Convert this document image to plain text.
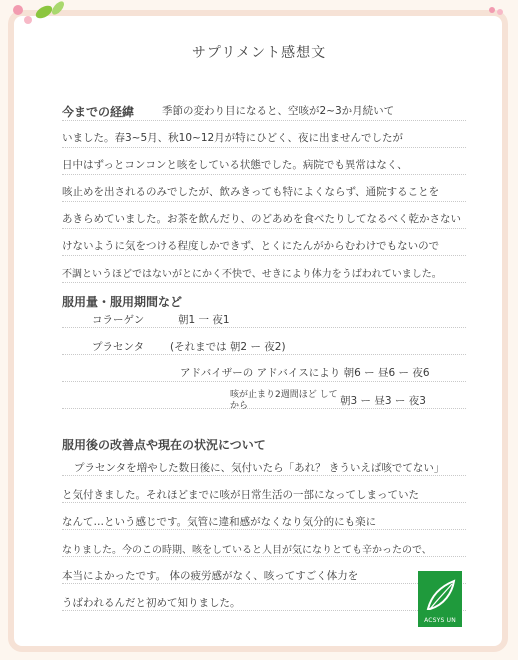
サプリメント感想文
今までの経緯	季節の変わり目になると、空咳が2~3か月続いて
いました。春3~5月、秋10~12月が特にひどく、夜に出ませんでしたが
日中はずっとコンコンと咳をしている状態でした。病院でも異常はなく、
咳止めを出されるのみでしたが、飲みきっても特によくならず、通院することを
あきらめていました。お茶を飲んだり、のどあめを食べたりしてなるべく乾かさない
けないように気をつける程度しかできず、とくにたんがからむわけでもないので
不調というほどではないがとにかく不快で、せきにより体力をうばわれていました。
服用量・服用期間など
コラーゲン	朝1 一 夜1
プラセンタ (それまでは 朝2 ー 夜2)
アドバイザーの アドバイスにより 朝6 ー 昼6 ー 夜6
咳が止まり2週間ほど してから	朝3 ー 昼3 ー 夜3
服用後の改善点や現在の状況について
プラセンタを増やした数日後に、気付いたら「あれ？ きういえば咳でてない」
と気付きました。それほどまでに咳が日常生活の一部になってしまっていた
なんて…という感じです。気管に違和感がなくなり気分的にも楽に
なりました。今のこの時期、咳をしていると人目が気になりとても辛かったので、
本当によかったです。 体の疲労感がなく、咳ってすごく体力を
うばわれるんだと初めて知りました。
ACSYS UN
